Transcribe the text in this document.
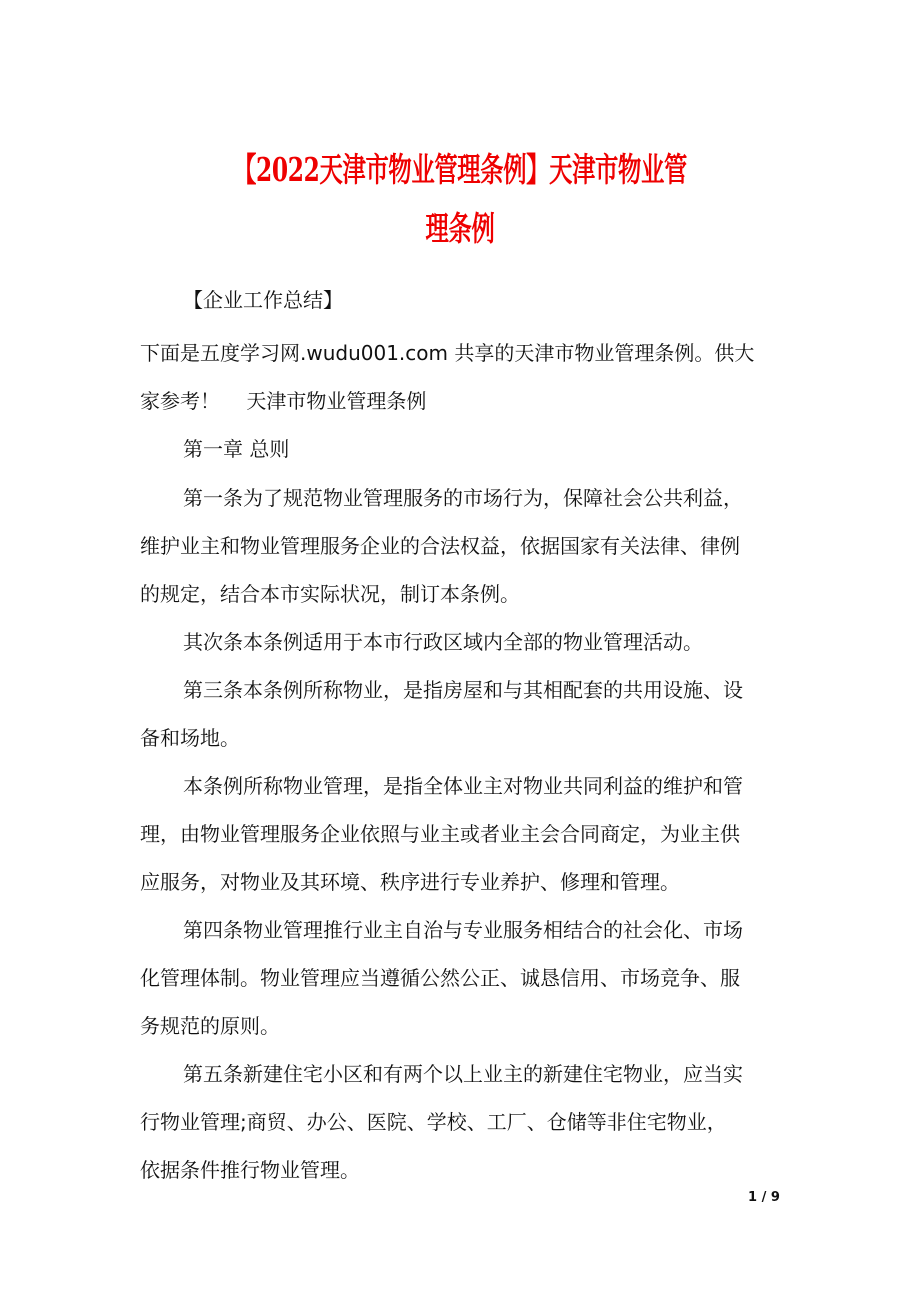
【2022天津市物业管理条例】天津市物业管
理条例
【企业工作总结】
下面是五度学习网.wudu001.com 共享的天津市物业管理条例。供大
家参考！　 天津市物业管理条例
第一章 总则
第一条为了规范物业管理服务的市场行为，保障社会公共利益，
维护业主和物业管理服务企业的合法权益，依据国家有关法律、律例
的规定，结合本市实际状况，制订本条例。
其次条本条例适用于本市行政区域内全部的物业管理活动。
第三条本条例所称物业，是指房屋和与其相配套的共用设施、设
备和场地。
本条例所称物业管理，是指全体业主对物业共同利益的维护和管
理，由物业管理服务企业依照与业主或者业主会合同商定，为业主供
应服务，对物业及其环境、秩序进行专业养护、修理和管理。
第四条物业管理推行业主自治与专业服务相结合的社会化、市场
化管理体制。物业管理应当遵循公然公正、诚恳信用、市场竞争、服
务规范的原则。
第五条新建住宅小区和有两个以上业主的新建住宅物业，应当实
行物业管理;商贸、办公、医院、学校、工厂、仓储等非住宅物业，
依据条件推行物业管理。
1 / 9
